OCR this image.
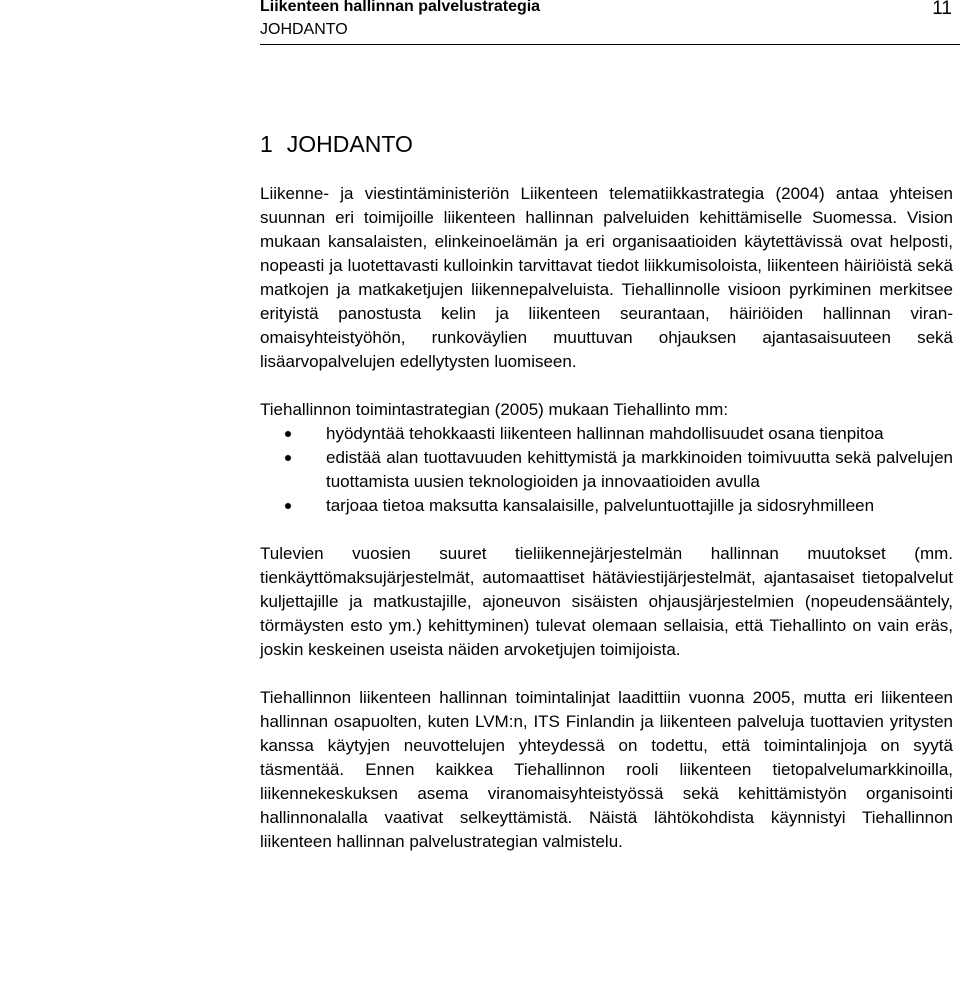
Liikenteen hallinnan palvelustrategia
JOHDANTO
11
1 JOHDANTO

Liikenne- ja viestintäministeriön Liikenteen telematiikkastrategia (2004) antaa yhteisen suunnan eri toimijoille liikenteen hallinnan palveluiden kehittämiselle Suomessa. Vision mukaan kansalaisten, elinkeinoelämän ja eri organisaatioiden käytettävissä ovat helposti, nopeasti ja luotettavasti kulloinkin tarvittavat tiedot liikkumisoloista, liikenteen häiriöistä sekä matkojen ja matkaketjujen liikennepalveluista. Tiehallinnolle visioon pyrkiminen merkitsee erityistä panostusta kelin ja liikenteen seurantaan, häiriöiden hallinnan viranomaisyhteistyöhön, runkoväylien muuttuvan ohjauksen ajantasaisuuteen sekä lisäarvopalvelujen edellytysten luomiseen.

Tiehallinnon toimintastrategian (2005) mukaan Tiehallinto mm:

hyödyntää tehokkaasti liikenteen hallinnan mahdollisuudet osana tienpitoa
edistää alan tuottavuuden kehittymistä ja markkinoiden toimivuutta sekä palvelujen tuottamista uusien teknologioiden ja innovaatioiden avulla
tarjoaa tietoa maksutta kansalaisille, palveluntuottajille ja sidosryhmilleen

Tulevien vuosien suuret tieliikennejärjestelmän hallinnan muutokset (mm. tienkäyttömaksujärjestelmät, automaattiset hätäviestijärjestelmät, ajantasaiset tietopalvelut kuljettajille ja matkustajille, ajoneuvon sisäisten ohjausjärjestelmien (nopeudensääntely, törmäysten esto ym.) kehittyminen) tulevat olemaan sellaisia, että Tiehallinto on vain eräs, joskin keskeinen useista näiden arvoketjujen toimijoista.

Tiehallinnon liikenteen hallinnan toimintalinjat laadittiin vuonna 2005, mutta eri liikenteen hallinnan osapuolten, kuten LVM:n, ITS Finlandin ja liikenteen palveluja tuottavien yritysten kanssa käytyjen neuvottelujen yhteydessä on todettu, että toimintalinjoja on syytä täsmentää. Ennen kaikkea Tiehallinnon rooli liikenteen tietopalvelumarkkinoilla, liikennekeskuksen asema viranomaisyhteistyössä sekä kehittämistyön organisointi hallinnonalalla vaativat selkeyttämistä. Näistä lähtökohdista käynnistyi Tiehallinnon liikenteen hallinnan palvelustrategian valmistelu.
